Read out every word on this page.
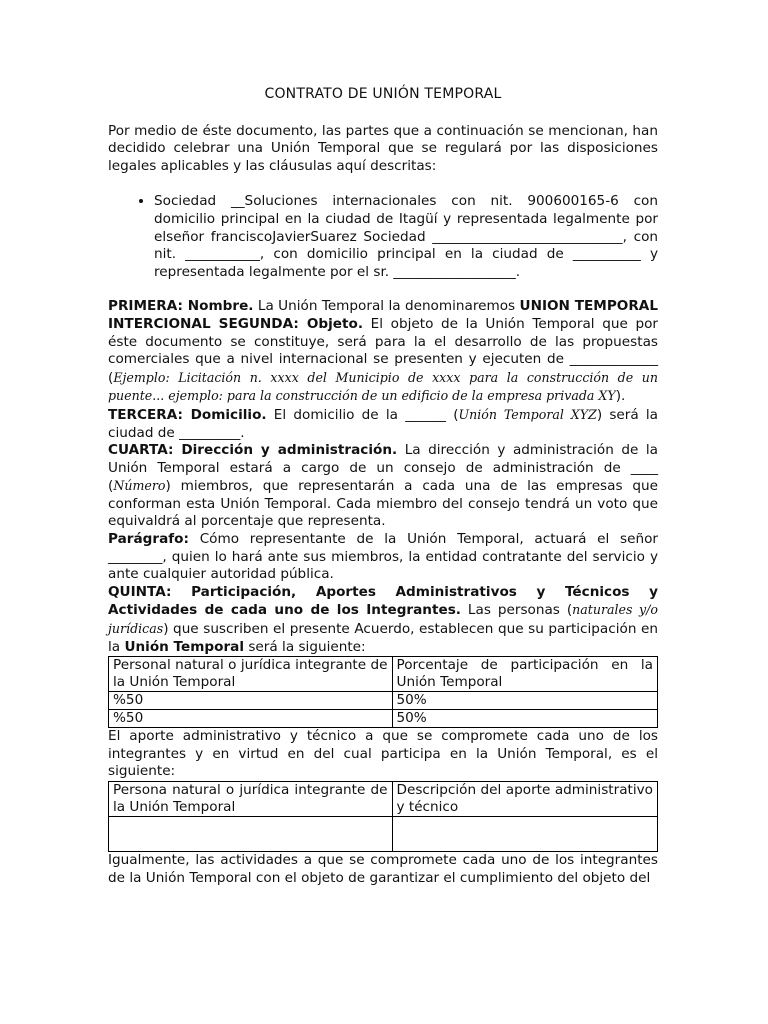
CONTRATO DE UNIÓN TEMPORAL

Por medio de éste documento, las partes que a continuación se mencionan, han decidido celebrar una Unión Temporal que se regulará por las disposiciones legales aplicables y las cláusulas aquí descritas:

• Sociedad __Soluciones internacionales con nit. 900600165-6 con domicilio principal en la ciudad de Itagüí y representada legalmente por elseñor franciscoJavierSuarez Sociedad ____________________________, con nit. ___________, con domicilio principal en la ciudad de __________ y representada legalmente por el sr. __________________.

PRIMERA: Nombre. La Unión Temporal la denominaremos UNION TEMPORAL INTERCIONAL SEGUNDA: Objeto. El objeto de la Unión Temporal que por éste documento se constituye, será para la el desarrollo de las propuestas comerciales que a nivel internacional se presenten y ejecuten de _____________ (Ejemplo: Licitación n. xxxx del Municipio de xxxx para la construcción de un puente... ejemplo: para la construcción de un edificio de la empresa privada XY).

TERCERA: Domicilio. El domicilio de la ______ (Unión Temporal XYZ) será la ciudad de _________.

CUARTA: Dirección y administración. La dirección y administración de la Unión Temporal estará a cargo de un consejo de administración de ____ (Número) miembros, que representarán a cada una de las empresas que conforman esta Unión Temporal. Cada miembro del consejo tendrá un voto que equivaldrá al porcentaje que representa.

Parágrafo: Cómo representante de la Unión Temporal, actuará el señor ________, quien lo hará ante sus miembros, la entidad contratante del servicio y ante cualquier autoridad pública.

QUINTA: Participación, Aportes Administrativos y Técnicos y Actividades de cada uno de los Integrantes. Las personas (naturales y/o jurídicas) que suscriben el presente Acuerdo, establecen que su participación en la Unión Temporal será la siguiente:

Personal natural o jurídica integrante de la Unión Temporal	Porcentaje de participación en la Unión Temporal
%50	50%
%50	50%

El aporte administrativo y técnico a que se compromete cada uno de los integrantes y en virtud en del cual participa en la Unión Temporal, es el siguiente:

Persona natural o jurídica integrante de la Unión Temporal	Descripción del aporte administrativo y técnico

Igualmente, las actividades a que se compromete cada uno de los integrantes de la Unión Temporal con el objeto de garantizar el cumplimiento del objeto del
